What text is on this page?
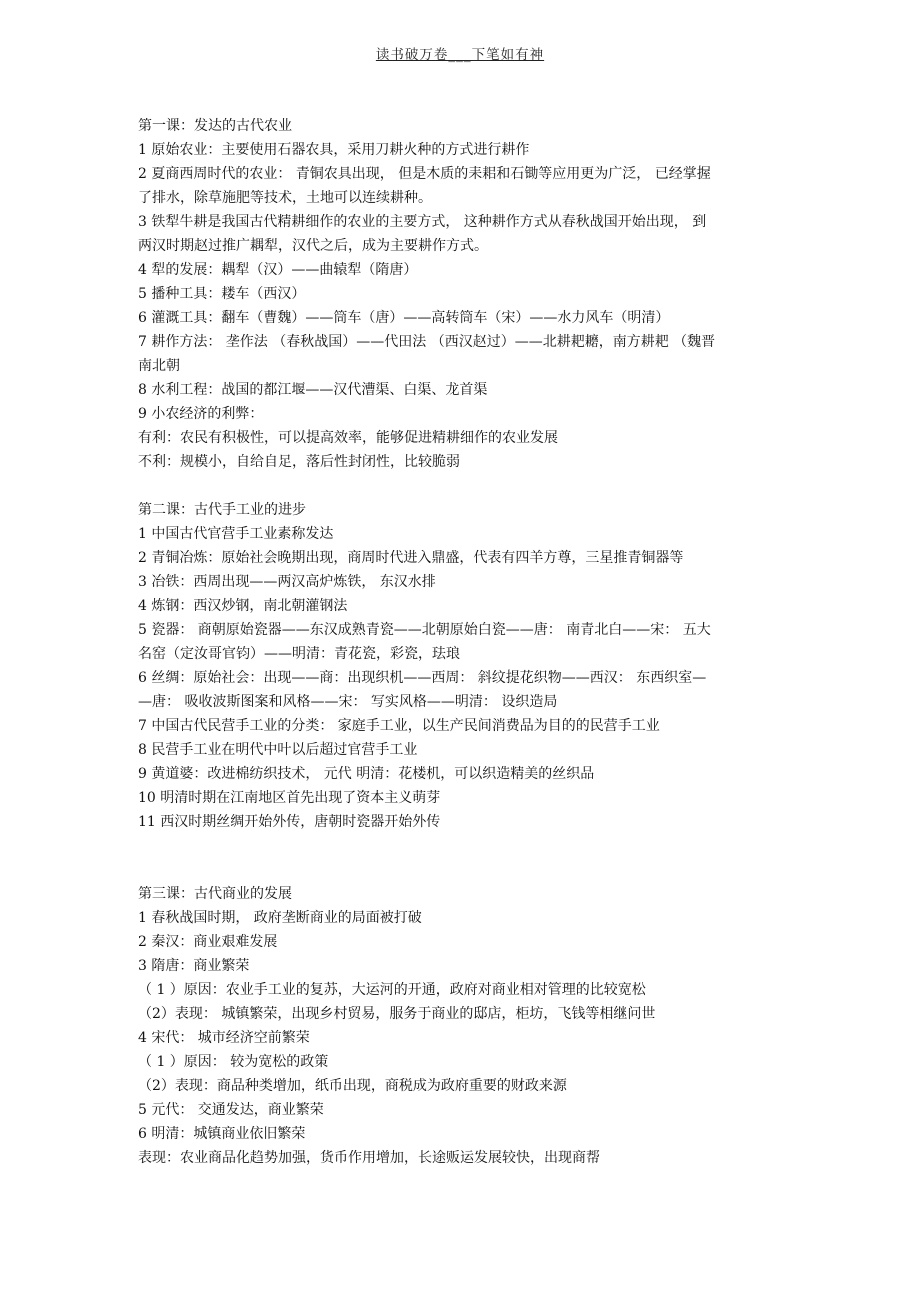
读书破万卷___下笔如有神
第一课：发达的古代农业
1 原始农业：主要使用石器农具，采用刀耕火种的方式进行耕作
2 夏商西周时代的农业： 青铜农具出现， 但是木质的耒耜和石锄等应用更为广泛， 已经掌握
了排水，除草施肥等技术，土地可以连续耕种。
3 铁犁牛耕是我国古代精耕细作的农业的主要方式， 这种耕作方式从春秋战国开始出现， 到
两汉时期赵过推广耦犁，汉代之后，成为主要耕作方式。
4 犁的发展：耦犁（汉）——曲辕犁（隋唐）
5 播种工具：耧车（西汉）
6 灌溉工具：翻车（曹魏）——筒车（唐）——高转筒车（宋）——水力风车（明清）
7 耕作方法： 垄作法 （春秋战国）——代田法 （西汉赵过）——北耕耙耱，南方耕耙 （魏晋
南北朝
8 水利工程：战国的都江堰——汉代漕渠、白渠、龙首渠
9 小农经济的利弊：
有利：农民有积极性，可以提高效率，能够促进精耕细作的农业发展
不利：规模小，自给自足，落后性封闭性，比较脆弱
第二课：古代手工业的进步
1 中国古代官营手工业素称发达
2 青铜冶炼：原始社会晚期出现，商周时代进入鼎盛，代表有四羊方尊，三星推青铜器等
3 冶铁：西周出现——两汉高炉炼铁， 东汉水排
4 炼钢：西汉炒钢，南北朝灌钢法
5 瓷器： 商朝原始瓷器——东汉成熟青瓷——北朝原始白瓷——唐： 南青北白——宋： 五大
名窑（定汝哥官钧）——明清：青花瓷，彩瓷，珐琅
6 丝绸：原始社会：出现——商：出现织机——西周： 斜纹提花织物——西汉： 东西织室—
—唐： 吸收波斯图案和风格——宋： 写实风格——明清： 设织造局
7 中国古代民营手工业的分类： 家庭手工业，以生产民间消费品为目的的民营手工业
8 民营手工业在明代中叶以后超过官营手工业
9 黄道婆：改进棉纺织技术， 元代 明清：花楼机，可以织造精美的丝织品
10 明清时期在江南地区首先出现了资本主义萌芽
11 西汉时期丝绸开始外传，唐朝时瓷器开始外传
第三课：古代商业的发展
1 春秋战国时期， 政府垄断商业的局面被打破
2 秦汉：商业艰难发展
3 隋唐：商业繁荣
（ 1 ）原因：农业手工业的复苏，大运河的开通，政府对商业相对管理的比较宽松
（2）表现： 城镇繁荣，出现乡村贸易，服务于商业的邸店，柜坊，飞钱等相继问世
4 宋代： 城市经济空前繁荣
（ 1 ）原因： 较为宽松的政策
（2）表现：商品种类增加，纸币出现，商税成为政府重要的财政来源
5 元代： 交通发达，商业繁荣
6 明清：城镇商业依旧繁荣
表现：农业商品化趋势加强，货币作用增加，长途贩运发展较快，出现商帮
